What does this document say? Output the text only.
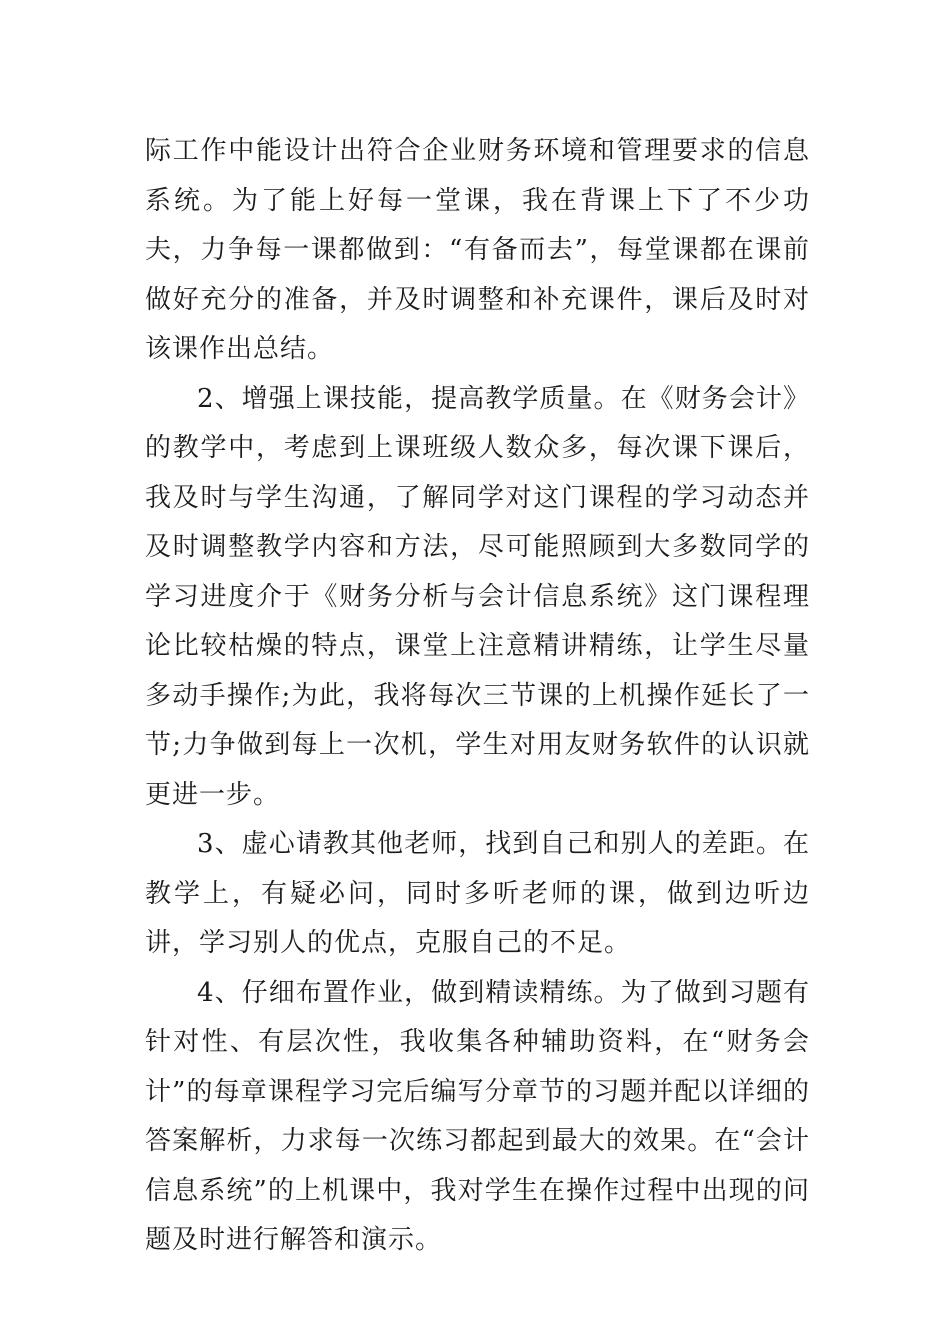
际工作中能设计出符合企业财务环境和管理要求的信息系统。为了能上好每一堂课，我在背课上下了不少功夫，力争每一课都做到：“有备而去”，每堂课都在课前做好充分的准备，并及时调整和补充课件，课后及时对该课作出总结。

2、增强上课技能，提高教学质量。在《财务会计》的教学中，考虑到上课班级人数众多，每次课下课后，我及时与学生沟通，了解同学对这门课程的学习动态并及时调整教学内容和方法，尽可能照顾到大多数同学的学习进度介于《财务分析与会计信息系统》这门课程理论比较枯燥的特点，课堂上注意精讲精练，让学生尽量多动手操作;为此，我将每次三节课的上机操作延长了一节;力争做到每上一次机，学生对用友财务软件的认识就更进一步。

3、虚心请教其他老师，找到自己和别人的差距。在教学上，有疑必问，同时多听老师的课，做到边听边讲，学习别人的优点，克服自己的不足。

4、仔细布置作业，做到精读精练。为了做到习题有针对性、有层次性，我收集各种辅助资料，在“财务会计”的每章课程学习完后编写分章节的习题并配以详细的答案解析，力求每一次练习都起到最大的效果。在“会计信息系统”的上机课中，我对学生在操作过程中出现的问题及时进行解答和演示。
